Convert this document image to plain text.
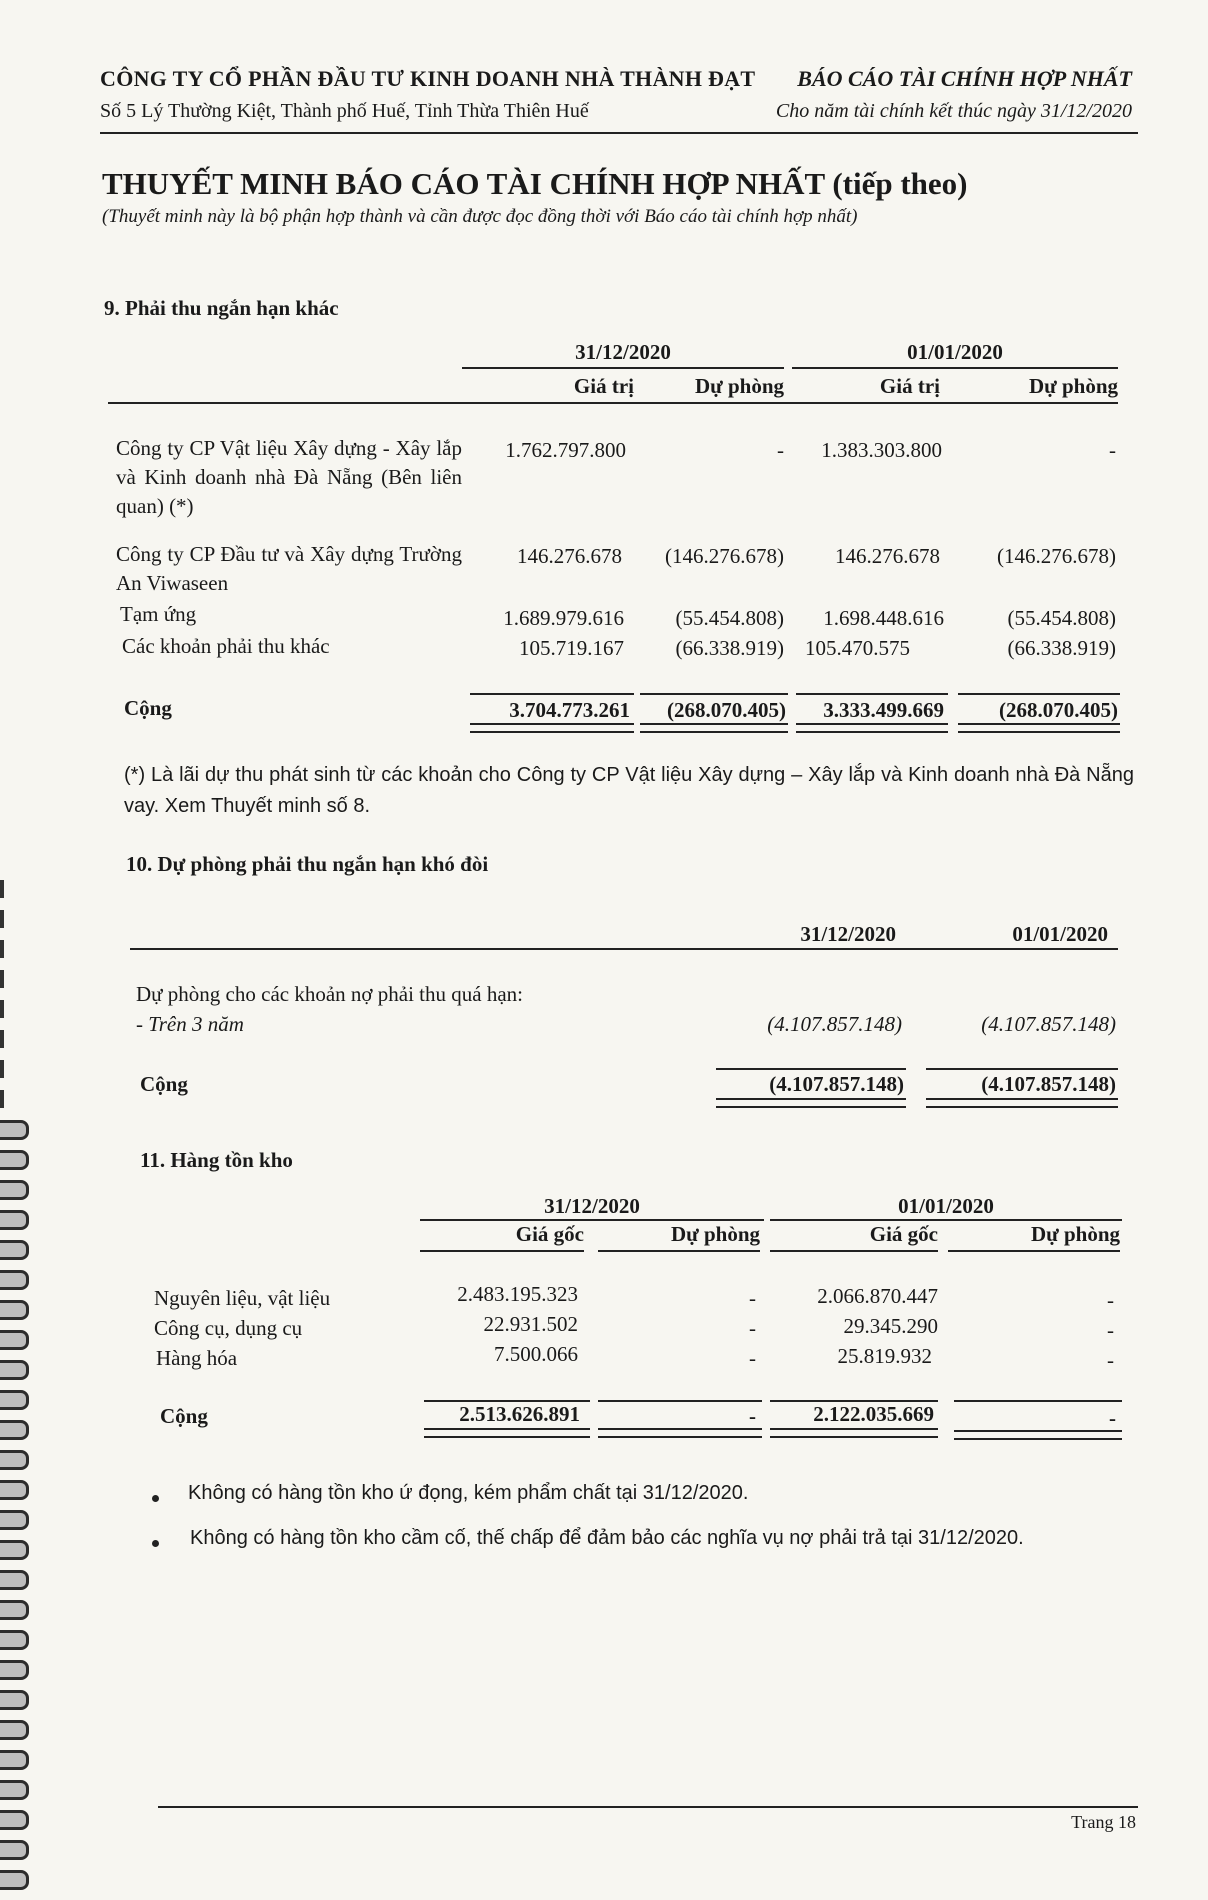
CÔNG TY CỔ PHẦN ĐẦU TƯ KINH DOANH NHÀ THÀNH ĐẠT
Số 5 Lý Thường Kiệt, Thành phố Huế, Tỉnh Thừa Thiên Huế
BÁO CÁO TÀI CHÍNH HỢP NHẤT
Cho năm tài chính kết thúc ngày 31/12/2020
THUYẾT MINH BÁO CÁO TÀI CHÍNH HỢP NHẤT (tiếp theo)
(Thuyết minh này là bộ phận hợp thành và cần được đọc đồng thời với Báo cáo tài chính hợp nhất)
9. Phải thu ngắn hạn khác
31/12/2020	01/01/2020
Giá trị	Dự phòng	Giá trị	Dự phòng
Công ty CP Vật liệu Xây dựng - Xây lắp và Kinh doanh nhà Đà Nẵng (Bên liên quan) (*)
1.762.797.800	-	1.383.303.800	-
Công ty CP Đầu tư và Xây dựng Trường An Viwaseen
146.276.678	(146.276.678)	146.276.678	(146.276.678)
Tạm ứng	1.689.979.616	(55.454.808)	1.698.448.616	(55.454.808)
Các khoản phải thu khác	105.719.167	(66.338.919)	105.470.575	(66.338.919)
Cộng	3.704.773.261	(268.070.405)	3.333.499.669	(268.070.405)
(*) Là lãi dự thu phát sinh từ các khoản cho Công ty CP Vật liệu Xây dựng – Xây lắp và Kinh doanh nhà Đà Nẵng vay. Xem Thuyết minh số 8.
10. Dự phòng phải thu ngắn hạn khó đòi
31/12/2020	01/01/2020
Dự phòng cho các khoản nợ phải thu quá hạn:
- Trên 3 năm	(4.107.857.148)	(4.107.857.148)
Cộng	(4.107.857.148)	(4.107.857.148)
11. Hàng tồn kho
31/12/2020	01/01/2020
Giá gốc	Dự phòng	Giá gốc	Dự phòng
Nguyên liệu, vật liệu	2.483.195.323	-	2.066.870.447	-
Công cụ, dụng cụ	22.931.502	-	29.345.290	-
Hàng hóa	7.500.066	-	25.819.932	-
Cộng	2.513.626.891	-	2.122.035.669	-
Không có hàng tồn kho ứ đọng, kém phẩm chất tại 31/12/2020.
Không có hàng tồn kho cầm cố, thế chấp để đảm bảo các nghĩa vụ nợ phải trả tại 31/12/2020.
Trang 18
